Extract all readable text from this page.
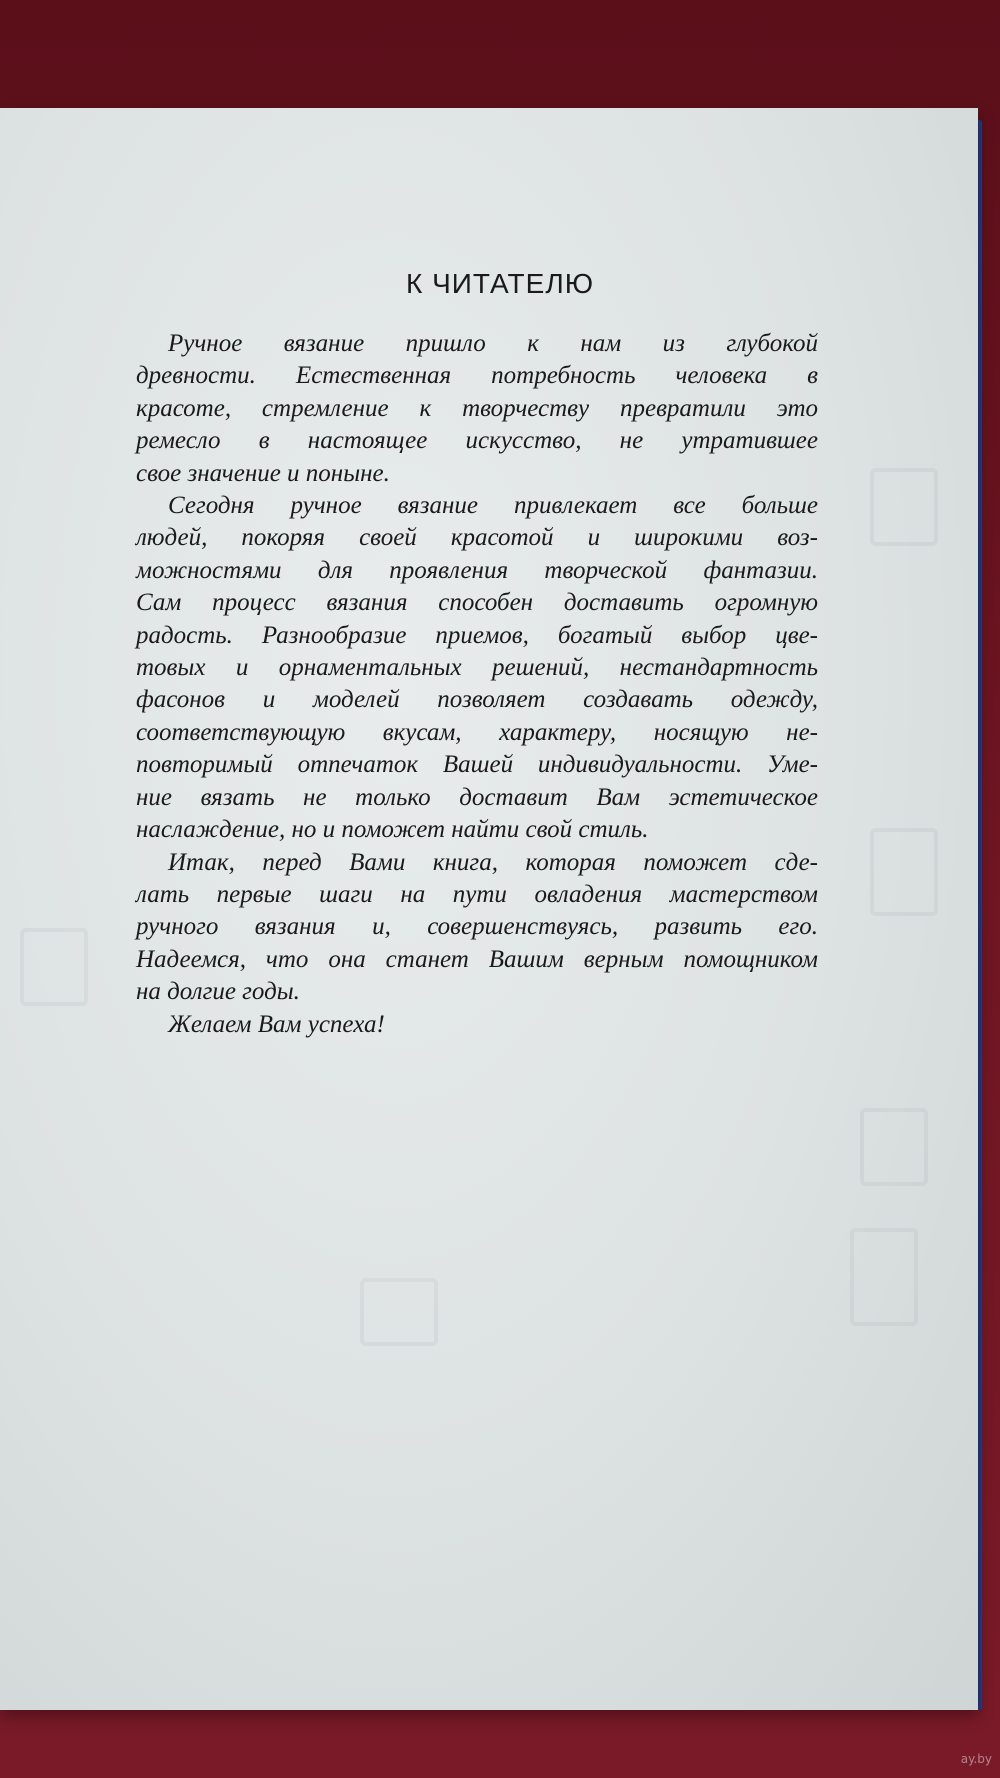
К ЧИТАТЕЛЮ
Ручное вязание пришло к нам из глубокой
древности. Естественная потребность человека в
красоте, стремление к творчеству превратили это
ремесло в настоящее искусство, не утратившее
свое значение и поныне.
Сегодня ручное вязание привлекает все больше
людей, покоряя своей красотой и широкими воз-
можностями для проявления творческой фантазии.
Сам процесс вязания способен доставить огромную
радость. Разнообразие приемов, богатый выбор цве-
товых и орнаментальных решений, нестандартность
фасонов и моделей позволяет создавать одежду,
соответствующую вкусам, характеру, носящую не-
повторимый отпечаток Вашей индивидуальности. Уме-
ние вязать не только доставит Вам эстетическое
наслаждение, но и поможет найти свой стиль.
Итак, перед Вами книга, которая поможет сде-
лать первые шаги на пути овладения мастерством
ручного вязания и, совершенствуясь, развить его.
Надеемся, что она станет Вашим верным помощником
на долгие годы.
Желаем Вам успеха!
ay.by
